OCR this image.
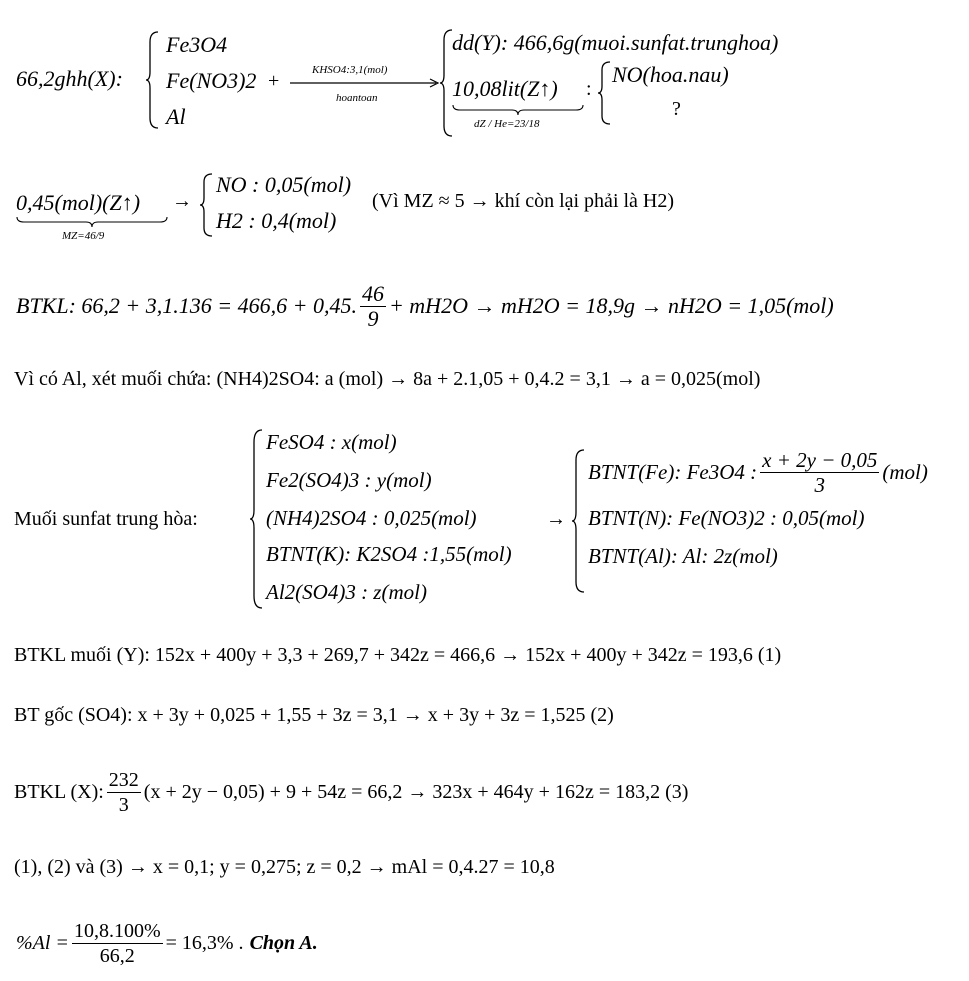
66,2ghh(X):
Fe3O4
Fe(NO3)2
Al
+	KHSO4:3,1(mol)
hoantoan
dd(Y): 466,6g(muoi.sunfat.trunghoa)
10,08lit(Z↑)
dZ / He=23/18
:
NO(hoa.nau)
?
0,45(mol)(Z↑)
MZ=46/9
→
NO : 0,05(mol)
H2 : 0,4(mol)
(Vì MZ ≈ 5 → khí còn lại phải là H2)
BTKL: 66,2 + 3,1.136 = 466,6 + 0,45. $\frac{46}{9} + mH2O \to mH2O = 18,9g \to nH2O = 1,05(mol)$
Vì có Al, xét muối chứa: (NH4)2SO4: a (mol) → 8a + 2.1,05 + 0,4.2 = 3,1 → a = 0,025(mol)
Muối sunfat trung hòa:
FeSO4 : x(mol)
Fe2(SO4)3 : y(mol)
(NH4)2SO4 : 0,025(mol)
BTNT(K): K2SO4 :1,55(mol)
Al2(SO4)3 : z(mol)
→
BTNT(Fe): Fe3O4 : $\frac{x + 2y - 0,05}{3} (mol)$
BTNT(N): Fe(NO3)2 : 0,05(mol)
BTNT(Al): Al: 2z(mol)
BTKL muối (Y): 152x + 400y + 3,3 + 269,7 + 342z = 466,6 → 152x + 400y + 342z = 193,6 (1)
BT gốc (SO4): x + 3y + 0,025 + 1,55 + 3z = 3,1 → x + 3y + 3z = 1,525 (2)
BTKL (X): $\frac{232}{3} (x + 2y - 0,05) + 9 + 54z = 66,2 \to 323x + 464y + 162z = 183,2$ (3)
(1), (2) và (3) → x = 0,1; y = 0,275; z = 0,2 → mAl = 0,4.27 = 10,8
$\%Al = \frac{10,8.100\%}{66,2} = 16,3\%$ . Chọn A.
